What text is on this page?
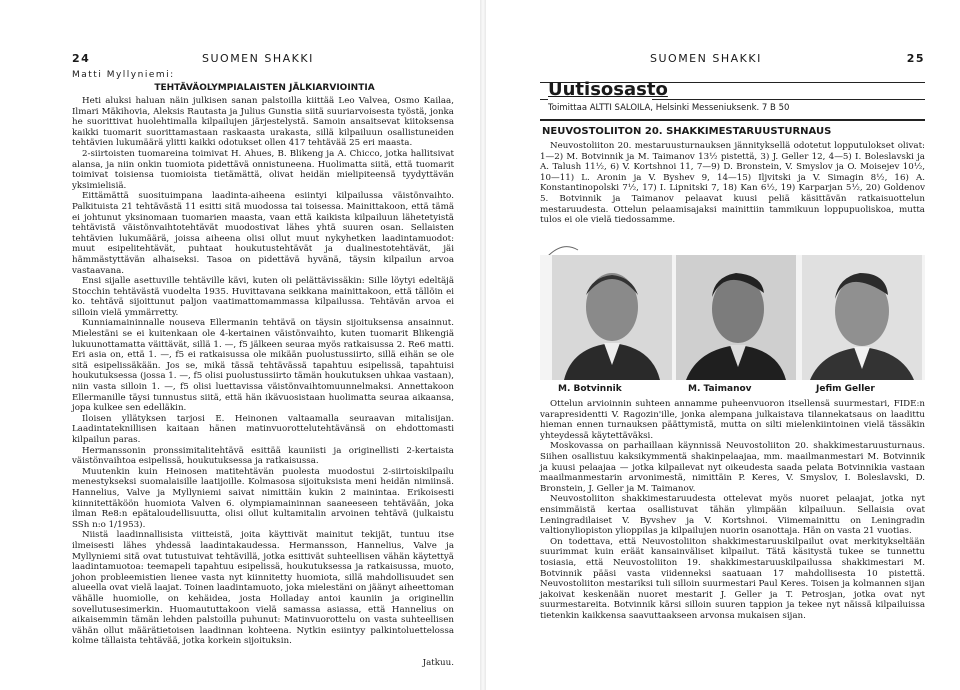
24	SUOMEN SHAKKI
Matti Myllyniemi:
TEHTÄVÄOLYMPIALAISTEN JÄLKIARVIOINTIA

Heti aluksi haluan näin julkisen sanan palstoilla kiittää Leo Valvea, Osmo Kailaa, Ilmari Mäkihovia, Aleksis Rautasta ja Julius Gunstia siitä suuriarvoisesta työstä, jonka he suorittivat huolehtimalla kilpailujen järjestelystä. Samoin ansaitsevat kiitoksensa kaikki tuomarit suorittamastaan raskaasta urakasta, sillä kilpailuun osallistuneiden tehtävien lukumäärä ylitti kaikki odotukset ollen 417 tehtävää 25 eri maasta.

2-siirtoisten tuomareina toimivat H. Ahues, B. Blikeng ja A. Chicco, jotka hallitsivat alansa, ja niin onkin tuomiota pidettävä onnistuneena. Huolimatta siitä, että tuomarit toimivat toisiensa tuomioista tietämättä, olivat heidän mielipiteensä tyydyttävän yksimielisiä.

Eittämättä suosituimpana laadinta-aiheena esiintyi kilpailussa väistönvaihto. Palkituista 21 tehtävästä 11 esitti sitä muodossa tai toisessa. Mainittakoon, että tämä ei johtunut yksinomaan tuomarien maasta, vaan että kaikista kilpailuun lähetetyistä tehtävistä väistönvaihtotehtävät muodostivat lähes yhtä suuren osan. Sellaisten tehtävien lukumäärä, joissa aiheena olisi ollut muut nykyhetken laadintamuodot: muut esipelitehtävät, puhtaat houkutustehtävät ja dualinestotehtävät, jäi hämmästyttävän alhaiseksi. Tasoa on pidettävä hyvänä, täysin kilpailun arvoa vastaavana.

Ensi sijalle asettuville tehtäville kävi, kuten oli pelättävissäkin: Sille löytyi edeltäjä Stocchin tehtävästä vuodelta 1935. Huvittavana seikkana mainittakoon, että tällöin ei ko. tehtävä sijoittunut paljon vaatimattomammassa kilpailussa. Tehtävän arvoa ei silloin vielä ymmärretty.

Kunniamaininnalle nouseva Ellermanin tehtävä on täysin sijoituksensa ansainnut. Mielestäni se ei kuitenkaan ole 4-kertainen väistönvaihto, kuten tuomarit Blikengiä lukuunottamatta väittävät, sillä 1. —, f5 jälkeen seuraa myös ratkaisussa 2. Re6 matti. Eri asia on, että 1. —, f5 ei ratkaisussa ole mikään puolustussiirto, sillä eihän se ole sitä esipelissäkään. Jos se, mikä tässä tehtävässä tapahtuu esipelissä, tapahtuisi houkutuksessa (jossa 1. —, f5 olisi puolustussiirto tämän houkutuksen uhkaa vastaan), niin vasta silloin 1. —, f5 olisi luettavissa väistönvaihtomuunnelmaksi. Annettakoon Ellermanille täysi tunnustus siitä, että hän ikävuosistaan huolimatta seuraa aikaansa, jopa kulkee sen edelläkin.

Iloisen yllätyksen tarjosi E. Heinonen valtaamalla seuraavan mitalisijan. Laadintateknillisen kaitaan hänen matinvuorottelutehtävänsä on ehdottomasti kilpailun paras.

Hermanssonin pronssimitalitehtävä esittää kauniisti ja originellisti 2-kertaista väistönvaihtoa esipelissä, houkutuksessa ja ratkaisussa.

Muutenkin kuin Heinosen matitehtävän puolesta muodostui 2-siirtoiskilpailu menestykseksi suomalaisille laatijoille. Kolmasosa sijoituksista meni heidän nimiinsä. Hannelius, Valve ja Myllyniemi saivat nimittäin kukin 2 mainintaa. Erikoisesti kiinnitettäköön huomiota Valven 6. olympiamaininnan saaneeseen tehtävään, joka ilman Re8:n epätaloudellisuutta, olisi ollut kultamitalin arvoinen tehtävä (julkaistu SSh n:o 1/1953).

Niistä laadinnallisista viitteistä, joita käyttivät mainitut tekijät, tuntuu itse ilmeisesti lähes yhdessä laadintakaudessa. Hermansson, Hannelius, Valve ja Myllyniemi sitä ovat tutustuivat tehtävillä, jotka esittivät suhteellisen vähän käytettyä laadintamuotoa: teemapeli tapahtuu esipelissä, houkutuksessa ja ratkaisussa, muoto, johon probleemistien lienee vasta nyt kiinnitetty huomiota, sillä mahdollisuudet sen alueella ovat vielä laajat. Toinen laadintamuoto, joka mielestäni on jäänyt aiheettoman vähälle huomiolle, on kehäidea, josta Holladay antoi kauniin ja originellin sovellutusesimerkin. Huomaututtakoon vielä samassa asiassa, että Hannelius on aikaisemmin tämän lehden palstoilla puhunut: Matinvuorottelu on vasta suhteellisen vähän ollut määrätietoisen laadinnan kohteena. Nytkin esiintyy palkintoluettelossa kolme tällaista tehtävää, jotka korkein sijoituksin.

Jatkuu.
SUOMEN SHAKKI	25
Uutisosasto
Toimittaa ALTTI SALOILA, Helsinki Messeniuksenk. 7 B 50
NEUVOSTOLIITON 20. SHAKKIMESTARUUSTURNAUS

Neuvostoliiton 20. mestaruusturnauksen jännityksellä odotetut lopputulokset olivat: 1—2) M. Botvinnik ja M. Taimanov 13½ pistettä, 3) J. Geller 12, 4—5) I. Boleslavski ja A. Talush 11½, 6) V. Kortshnoi 11, 7—9) D. Bronstein, V. Smyslov ja O. Moisejev 10½, 10—11) L. Aronin ja V. Byshev 9, 14—15) Iljvitski ja V. Simagin 8½, 16) A. Konstantinopolski 7½, 17) I. Lipnitski 7, 18) Kan 6½, 19) Karparjan 5½, 20) Goldenov 5. Botvinnik ja Taimanov pelaavat kuusi peliä käsittävän ratkaisuottelun mestaruudesta. Ottelun pelaamisajaksi mainittiin tammikuun loppupuoliskoa, mutta tulos ei ole vielä tiedossamme.

M. Botvinnik	M. Taimanov	Jefim Geller

Ottelun arvioinnin suhteen annamme puheenvuoron itsellensä suurmestari, FIDE:n varapresidentti V. Ragozin'ille, jonka alempana julkaistava tilannekatsaus on laadittu hieman ennen turnauksen päättymistä, mutta on silti mielenkiintoinen vielä tässäkin yhteydessä käytettäväksi.

Moskovassa on parhaillaan käynnissä Neuvostoliiton 20. shakkimestaruusturnaus. Siihen osallistuu kaksikymmentä shakinpelaajaa, mm. maailmanmestari M. Botvinnik ja kuusi pelaajaa — jotka kilpailevat nyt oikeudesta saada pelata Botvinnikia vastaan maailmanmestarin arvonimestä, nimittäin P. Keres, V. Smyslov, I. Boleslavski, D. Bronstein, J. Geller ja M. Taimanov.

Neuvostoliiton shakkimestaruudesta ottelevat myös nuoret pelaajat, jotka nyt ensimmäistä kertaa osallistuvat tähän ylimpään kilpailuun. Sellaisia ovat Leningradilaiset V. Byvshev ja V. Kortshnoi. Viimemainittu on Leningradin valtionyliopiston ylioppilas ja kilpailujen nuorin osanottaja. Hän on vasta 21 vuotias.

On todettava, että Neuvostoliiton shakkimestaruuskilpailut ovat merkitykseltään suurimmat kuin eräät kansainväliset kilpailut. Tätä käsitystä tukee se tunnettu tosiasia, että Neuvostoliiton 19. shakkimestaruuskilpailussa shakkimestari M. Botvinnik pääsi vasta viidenneksi saatuaan 17 mahdollisesta 10 pistettä. Neuvostoliiton mestariksi tuli silloin suurmestari Paul Keres. Toisen ja kolmannen sijan jakoivat keskenään nuoret mestarit J. Geller ja T. Petrosjan, jotka ovat nyt suurmestareita. Botvinnik kärsi silloin suuren tappion ja tekee nyt näissä kilpailuissa tietenkin kaikkensa saavuttaakseen arvonsa mukaisen sijan.
